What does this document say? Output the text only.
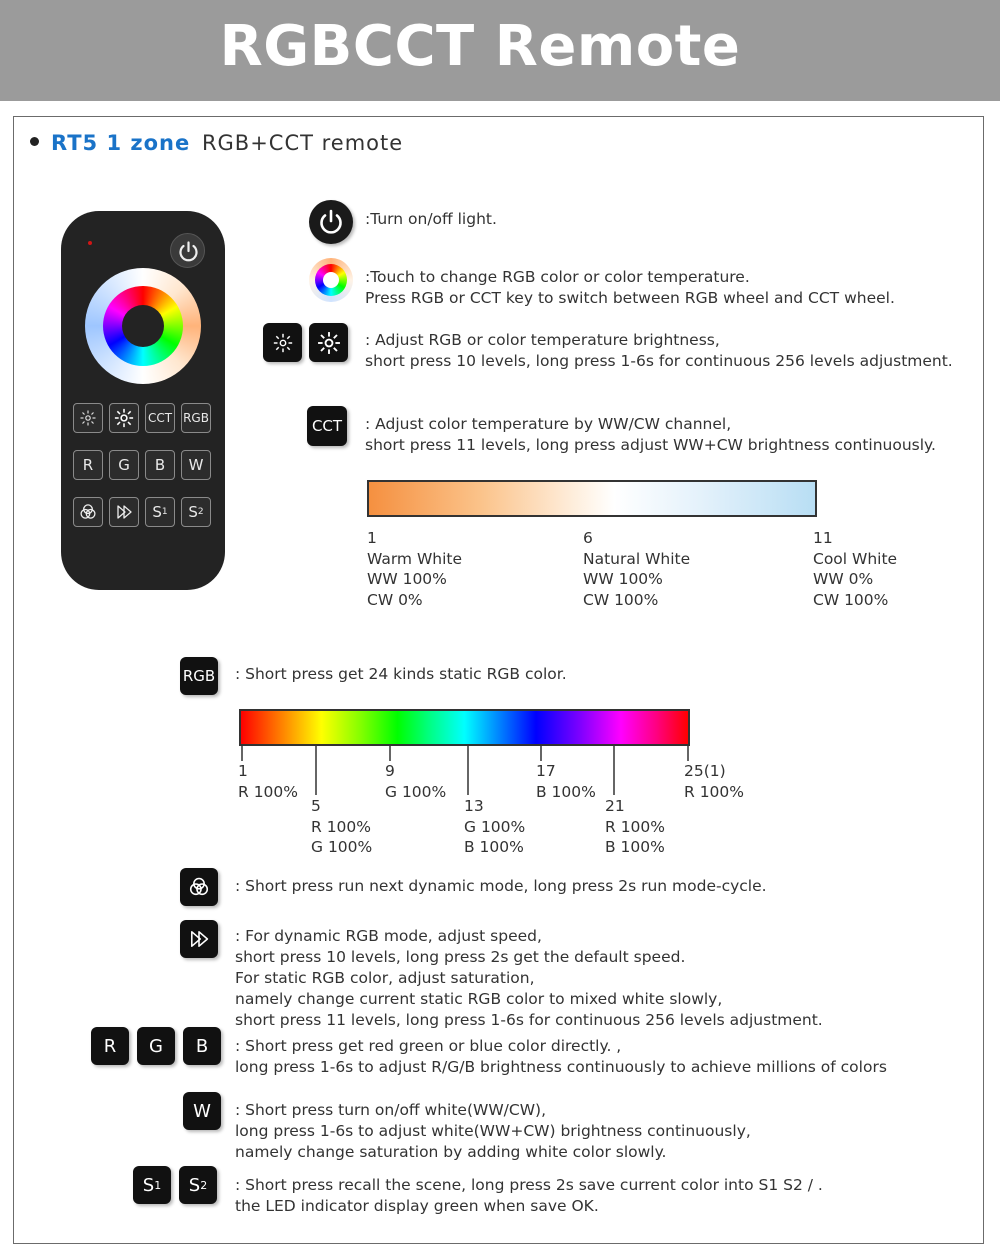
RGBCCT Remote
RT5 1 zone RGB+CCT remote
CCT RGB
R	G	B	W
S 1 S 2
:Turn on/off light.
:Touch to change RGB color or color temperature.
Press RGB or CCT key to switch between RGB wheel and CCT wheel.
: Adjust RGB or color temperature brightness,
short press 10 levels, long press 1-6s for continuous 256 levels adjustment.
CCT	: Adjust color temperature by WW/CW channel,
short press 11 levels, long press adjust WW+CW brightness continuously.
1
Warm White
WW 100%
CW 0%
6
Natural White
WW 100%
CW 100%
11
Cool White
WW 0%
CW 100%
RGB : Short press get 24 kinds static RGB color.
1
R 100%
5
R 100%
G 100%
9
G 100%
13
G 100%
B 100%
17
B 100%
21
R 100%
B 100%
25(1)
R 100%
: Short press run next dynamic mode, long press 2s run mode-cycle.
: For dynamic RGB mode, adjust speed,
short press 10 levels, long press 2s get the default speed.
For static RGB color, adjust saturation,
namely change current static RGB color to mixed white slowly,
short press 11 levels, long press 1-6s for continuous 256 levels adjustment.
R	G	B	: Short press get red green or blue color directly. ,
long press 1-6s to adjust R/G/B brightness continuously to achieve millions of colors
W	: Short press turn on/off white(WW/CW),
long press 1-6s to adjust white(WW+CW) brightness continuously,
namely change saturation by adding white color slowly.
S 1 S 2 : Short press recall the scene, long press 2s save current color into S1 S2 / .
the LED indicator display green when save OK.
